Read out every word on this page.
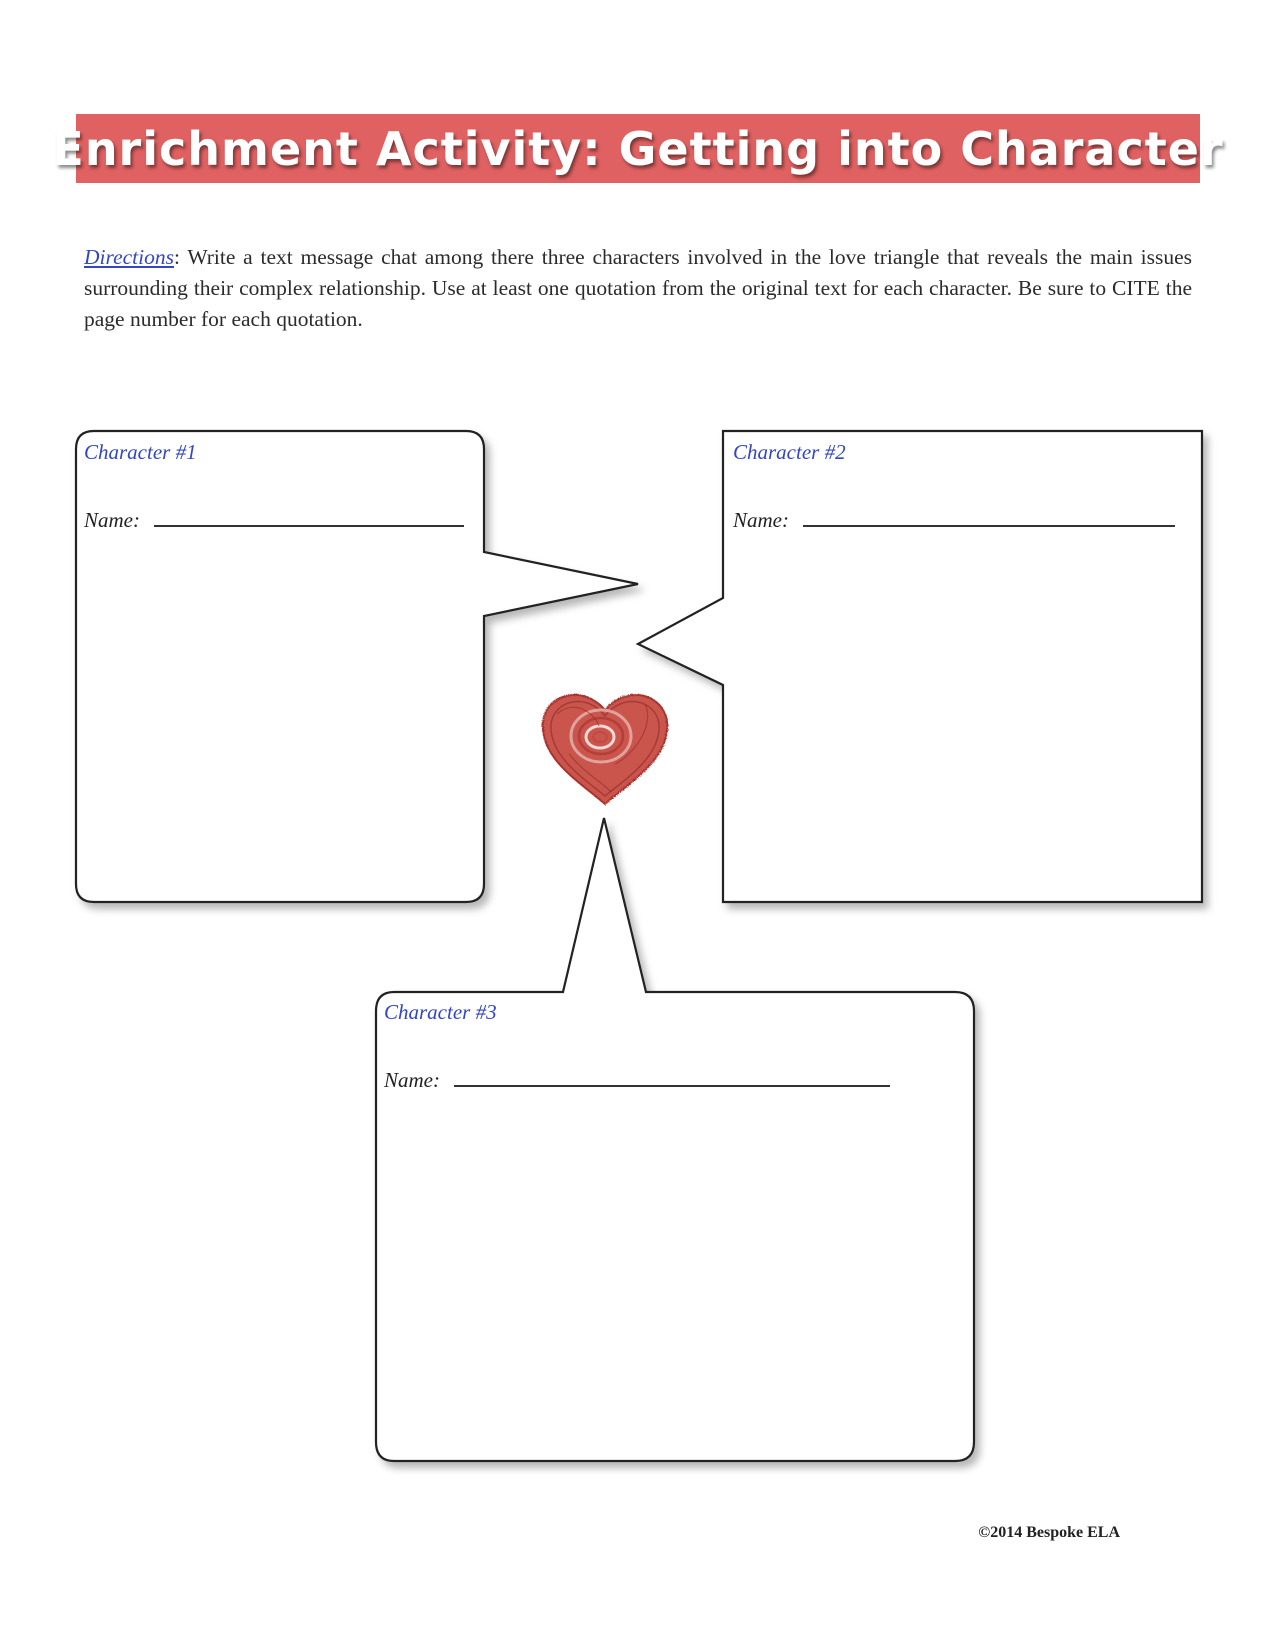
Enrichment Activity: Getting into Character
Directions: Write a text message chat among there three characters involved in the love triangle that reveals the main issues surrounding their complex relationship. Use at least one quotation from the original text for each character. Be sure to CITE the page number for each quotation.
Character #1
Name:
Character #2
Name:
Character #3
Name:
©2014 Bespoke ELA
